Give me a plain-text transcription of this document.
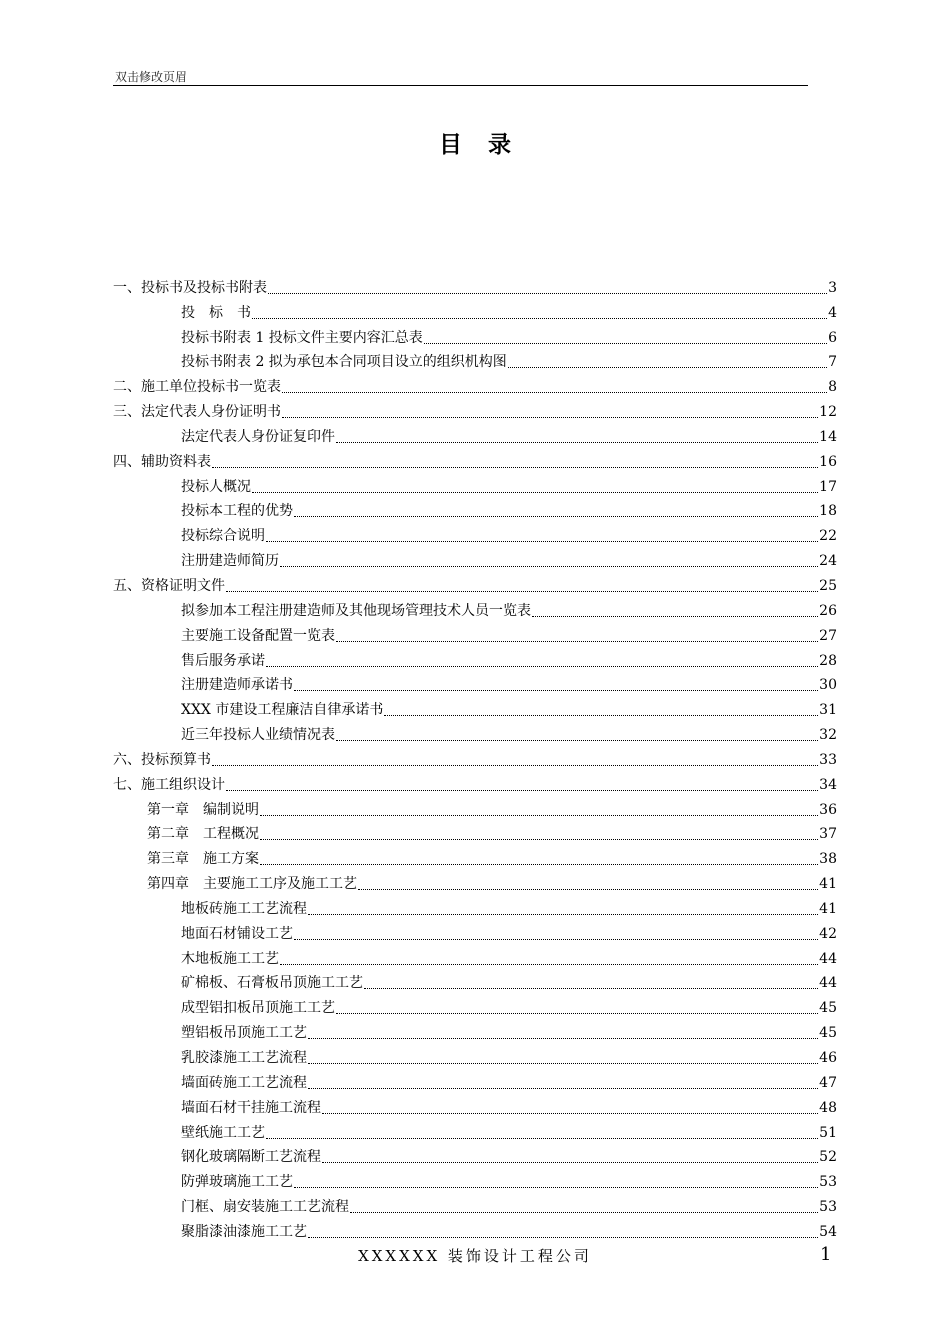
双击修改页眉
目录
一、投标书及投标书附表	3
投　标　书	4
投标书附表 1 投标文件主要内容汇总表	6
投标书附表 2 拟为承包本合同项目设立的组织机构图	7
二、施工单位投标书一览表	8
三、法定代表人身份证明书	12
法定代表人身份证复印件	14
四、辅助资料表	16
投标人概况	17
投标本工程的优势	18
投标综合说明	22
注册建造师简历	24
五、资格证明文件	25
拟参加本工程注册建造师及其他现场管理技术人员一览表	26
主要施工设备配置一览表	27
售后服务承诺	28
注册建造师承诺书	30
XXX 市建设工程廉洁自律承诺书	31
近三年投标人业绩情况表	32
六、投标预算书	33
七、施工组织设计	34
第一章　编制说明	36
第二章　工程概况	37
第三章　施工方案	38
第四章　主要施工工序及施工工艺	41
地板砖施工工艺流程	41
地面石材铺设工艺	42
木地板施工工艺	44
矿棉板、石膏板吊顶施工工艺	44
成型铝扣板吊顶施工工艺	45
塑铝板吊顶施工工艺	45
乳胶漆施工工艺流程	46
墙面砖施工工艺流程	47
墙面石材干挂施工流程	48
壁纸施工工艺	51
钢化玻璃隔断工艺流程	52
防弹玻璃施工工艺	53
门框、扇安装施工工艺流程	53
聚脂漆油漆施工工艺	54
XXXXXX 装饰设计工程公司	1
